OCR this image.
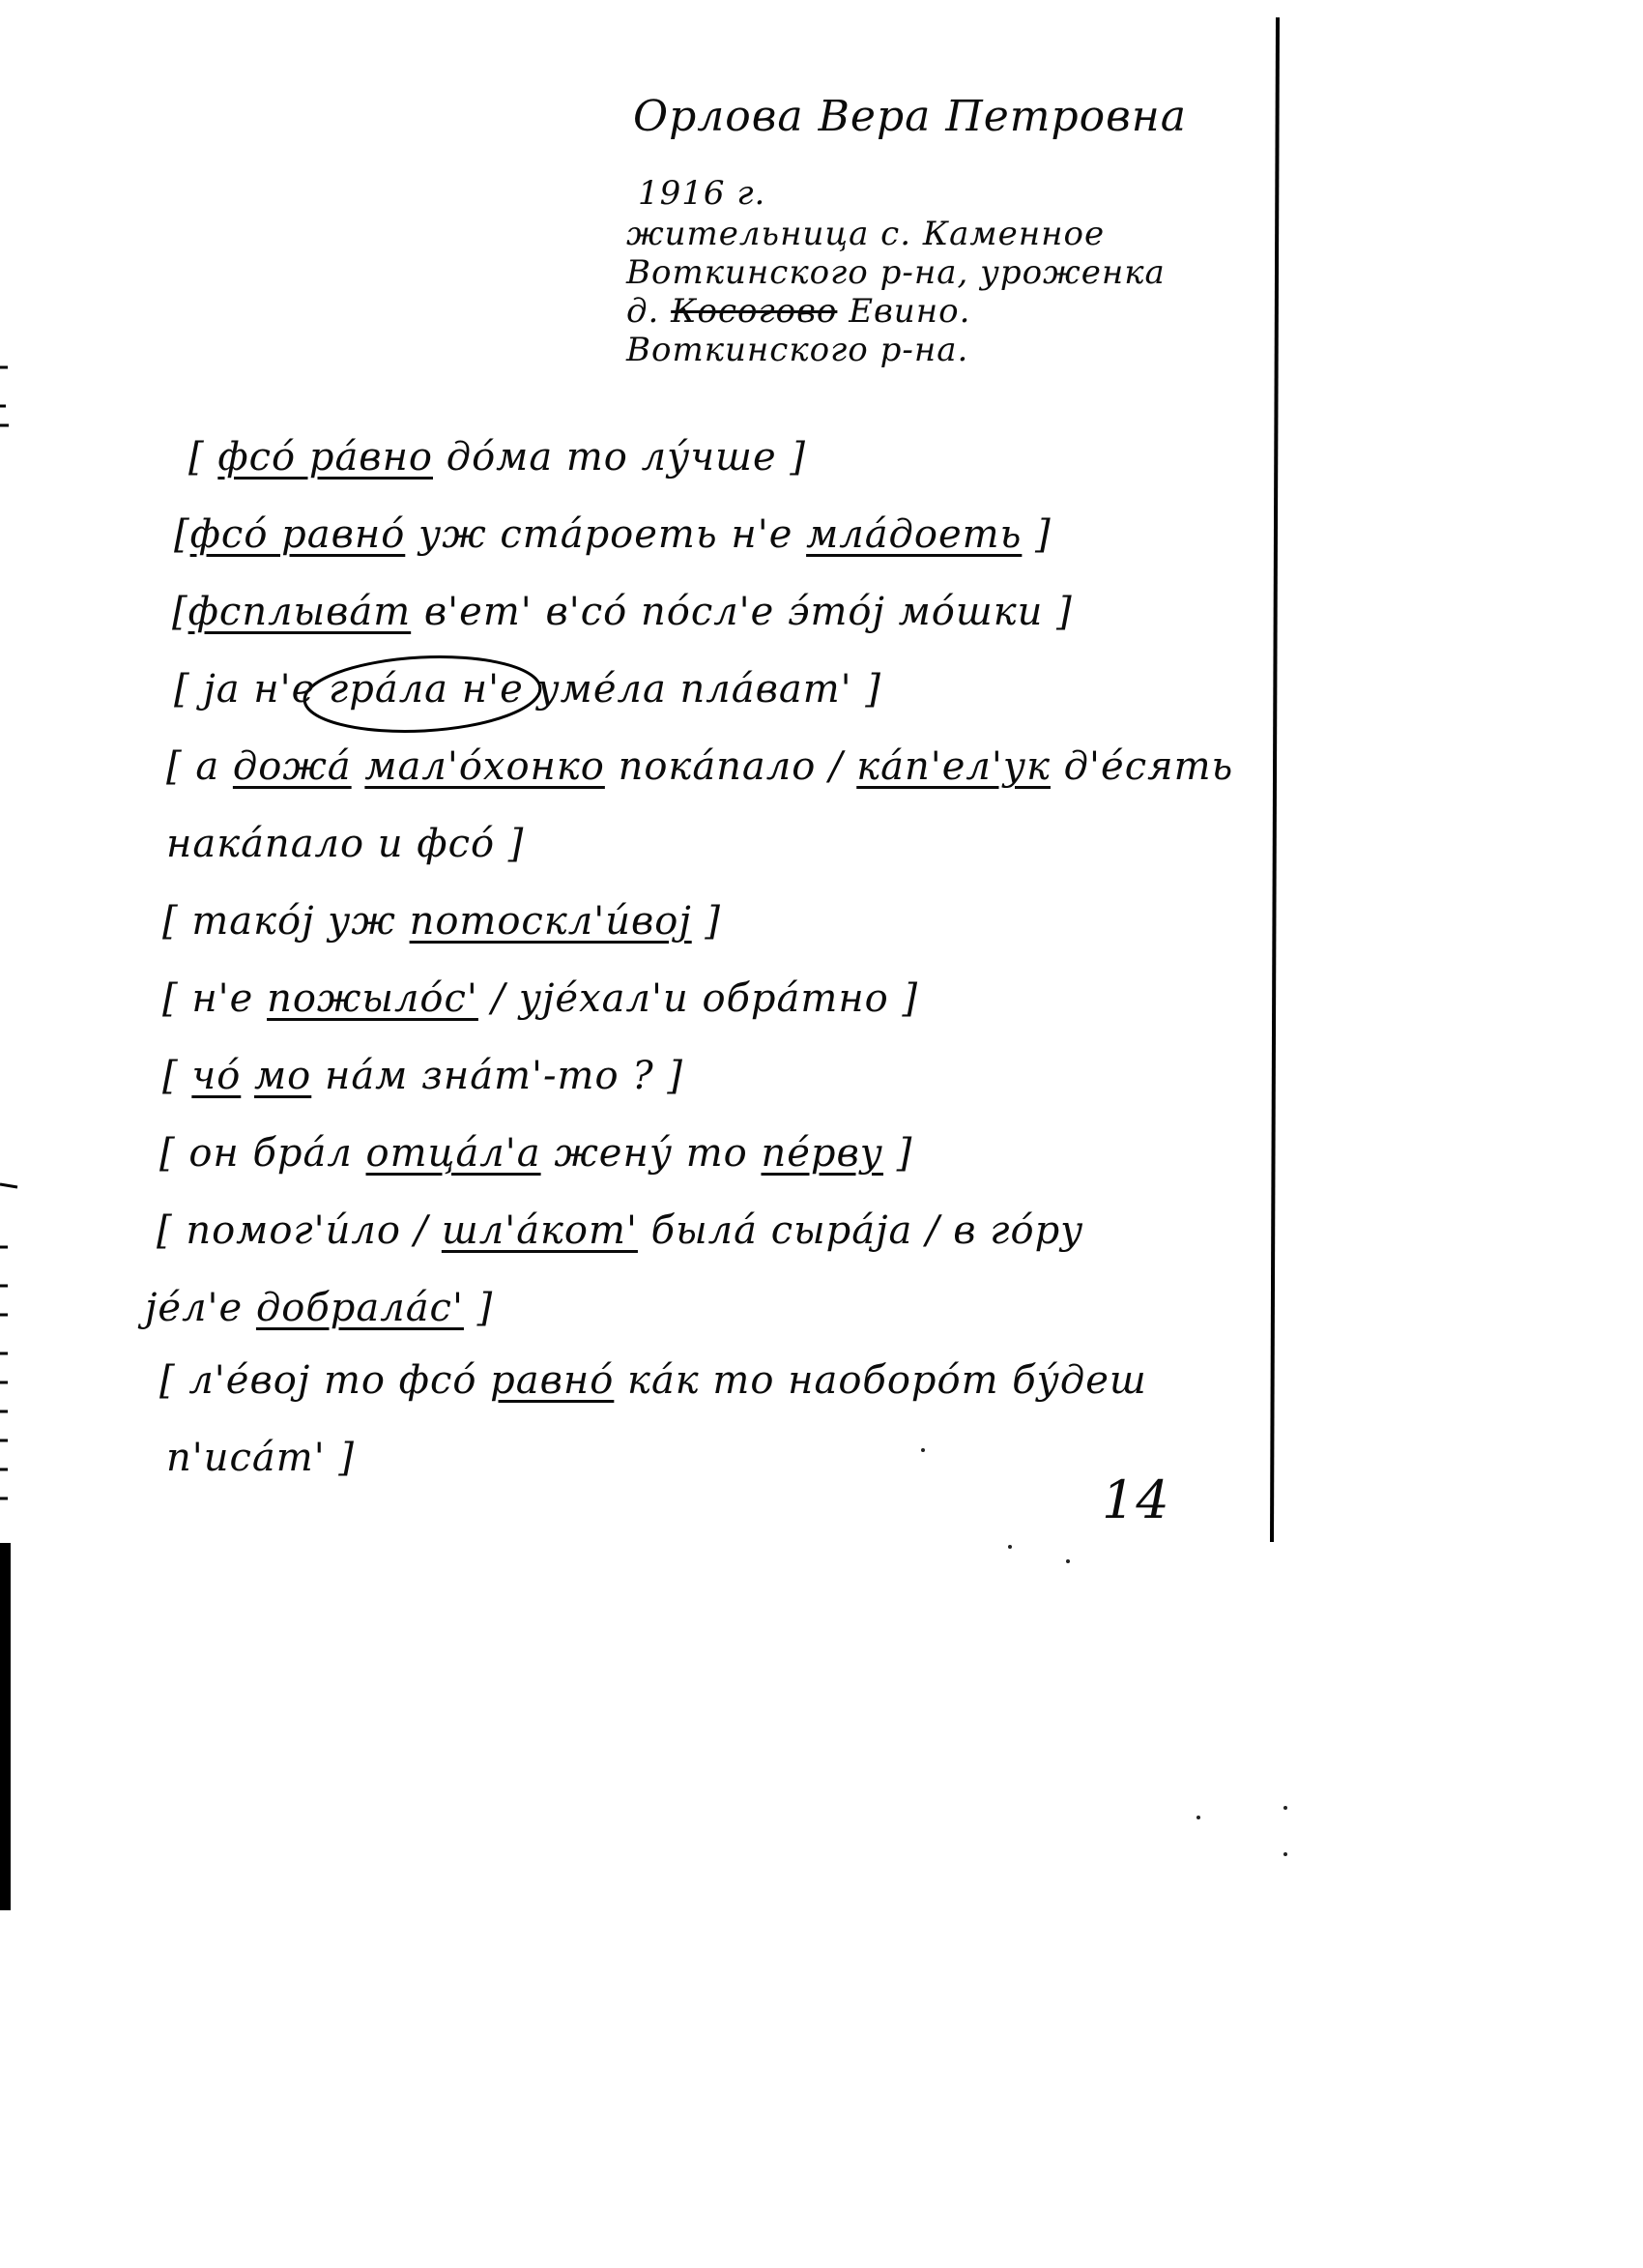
Орлова Вера Петровна
1916 г.
жительница с. Каменное
Воткинского р-на, уроженка
д. Косогово Евино.
Воткинского р-на.
[ фсо́ ра́вно до́ма то лу́чше ]
[фсо́ равно́ уж ста́роеть н'е мла́доеть ]
[фсплыва́т в'ет' в'со́ по́сл'е э́то́ј мо́шки ]
[ ја н'е гра́ла н'е уме́ла пла́ват' ]
[ а дожа́ мал'о́хонко пока́пало / ка́п'ел'ук д'е́сять
нака́пало и фсо́ ]
[ тако́ј уж потоскл'и́воj ]
[ н'е пожыло́с' / ује́хал'и обра́тно ]
[ чо́ мо на́м зна́т'-то ? ]
[ он бра́л отца́л'а жену́ то пе́рву ]
[ помог'и́ло / шл'а́кот' была́ сыра́ја / в го́ру
је́л'е добрала́с' ]
[ л'е́воj то фсо́ равно́ ка́к то наоборо́т бу́деш
п'иса́т' ]
14
